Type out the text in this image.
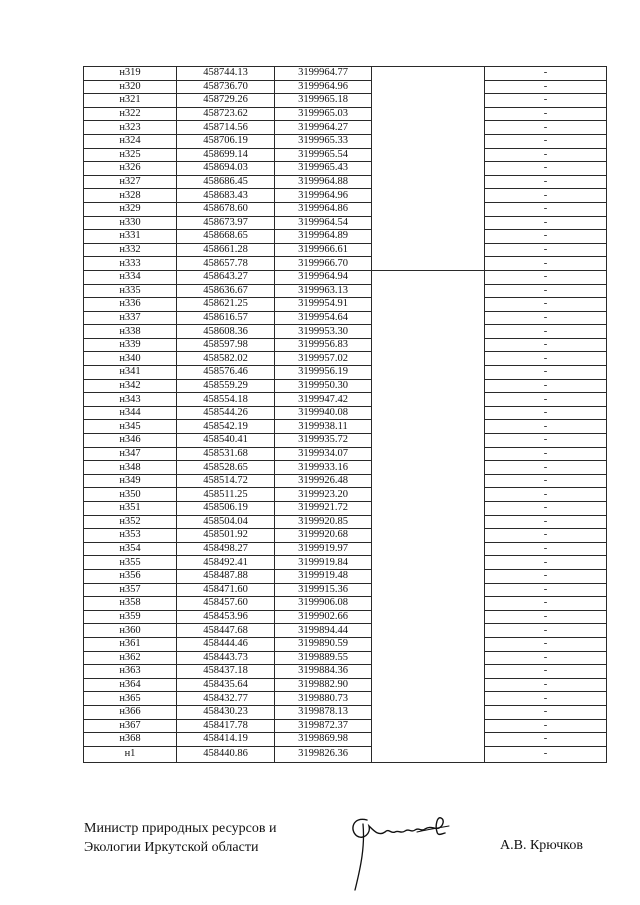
н319	458744.13	3199964.77		-
н320	458736.70	3199964.96		-
н321	458729.26	3199965.18		-
н322	458723.62	3199965.03		-
н323	458714.56	3199964.27		-
н324	458706.19	3199965.33		-
н325	458699.14	3199965.54		-
н326	458694.03	3199965.43		-
н327	458686.45	3199964.88		-
н328	458683.43	3199964.96		-
н329	458678.60	3199964.86		-
н330	458673.97	3199964.54		-
н331	458668.65	3199964.89		-
н332	458661.28	3199966.61		-
н333	458657.78	3199966.70		-
н334	458643.27	3199964.94		-
н335	458636.67	3199963.13		-
н336	458621.25	3199954.91		-
н337	458616.57	3199954.64		-
н338	458608.36	3199953.30		-
н339	458597.98	3199956.83		-
н340	458582.02	3199957.02		-
н341	458576.46	3199956.19		-
н342	458559.29	3199950.30		-
н343	458554.18	3199947.42		-
н344	458544.26	3199940.08		-
н345	458542.19	3199938.11		-
н346	458540.41	3199935.72		-
н347	458531.68	3199934.07		-
н348	458528.65	3199933.16		-
н349	458514.72	3199926.48		-
н350	458511.25	3199923.20		-
н351	458506.19	3199921.72		-
н352	458504.04	3199920.85		-
н353	458501.92	3199920.68		-
н354	458498.27	3199919.97		-
н355	458492.41	3199919.84		-
н356	458487.88	3199919.48		-
н357	458471.60	3199915.36		-
н358	458457.60	3199906.08		-
н359	458453.96	3199902.66		-
н360	458447.68	3199894.44		-
н361	458444.46	3199890.59		-
н362	458443.73	3199889.55		-
н363	458437.18	3199884.36		-
н364	458435.64	3199882.90		-
н365	458432.77	3199880.73		-
н366	458430.23	3199878.13		-
н367	458417.78	3199872.37		-
н368	458414.19	3199869.98		-
н1	458440.86	3199826.36		-
Министр природных ресурсов и
Экологии Иркутской области	А.В. Крючков
